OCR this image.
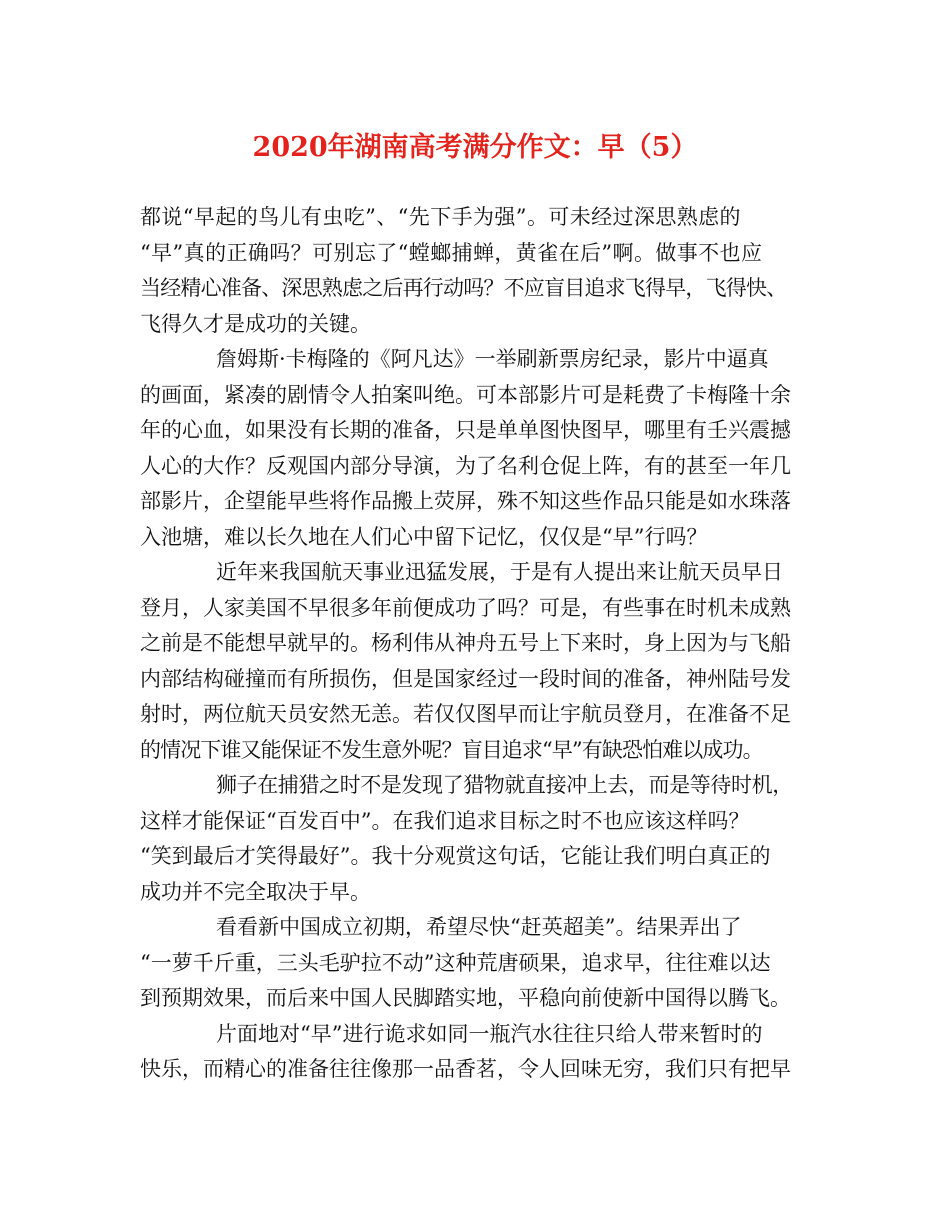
2020年湖南高考满分作文：早（5）

都说“早起的鸟儿有虫吃”、“先下手为强”。可未经过深思熟虑的
“早”真的正确吗？可别忘了“螳螂捕蝉，黄雀在后”啊。做事不也应
当经精心准备、深思熟虑之后再行动吗？不应盲目追求飞得早，飞得快、
飞得久才是成功的关键。

詹姆斯·卡梅隆的《阿凡达》一举刷新票房纪录，影片中逼真
的画面，紧凑的剧情令人拍案叫绝。可本部影片可是耗费了卡梅隆十余
年的心血，如果没有长期的准备，只是单单图快图早，哪里有壬兴震撼
人心的大作？反观国内部分导演，为了名利仓促上阵，有的甚至一年几
部影片，企望能早些将作品搬上荧屏，殊不知这些作品只能是如水珠落
入池塘，难以长久地在人们心中留下记忆，仅仅是“早”行吗？

近年来我国航天事业迅猛发展，于是有人提出来让航天员早日
登月，人家美国不早很多年前便成功了吗？可是，有些事在时机未成熟
之前是不能想早就早的。杨利伟从神舟五号上下来时，身上因为与飞船
内部结构碰撞而有所损伤，但是国家经过一段时间的准备，神州陆号发
射时，两位航天员安然无恙。若仅仅图早而让宇航员登月，在准备不足
的情况下谁又能保证不发生意外呢？盲目追求“早”有缺恐怕难以成功。

狮子在捕猎之时不是发现了猎物就直接冲上去，而是等待时机，
这样才能保证“百发百中”。在我们追求目标之时不也应该这样吗？
“笑到最后才笑得最好”。我十分观赏这句话，它能让我们明白真正的
成功并不完全取决于早。

看看新中国成立初期，希望尽快“赶英超美”。结果弄出了
“一萝千斤重，三头毛驴拉不动”这种荒唐硕果，追求早，往往难以达
到预期效果，而后来中国人民脚踏实地，平稳向前使新中国得以腾飞。

片面地对“早”进行诡求如同一瓶汽水往往只给人带来暂时的
快乐，而精心的准备往往像那一品香茗，令人回味无穷，我们只有把早
